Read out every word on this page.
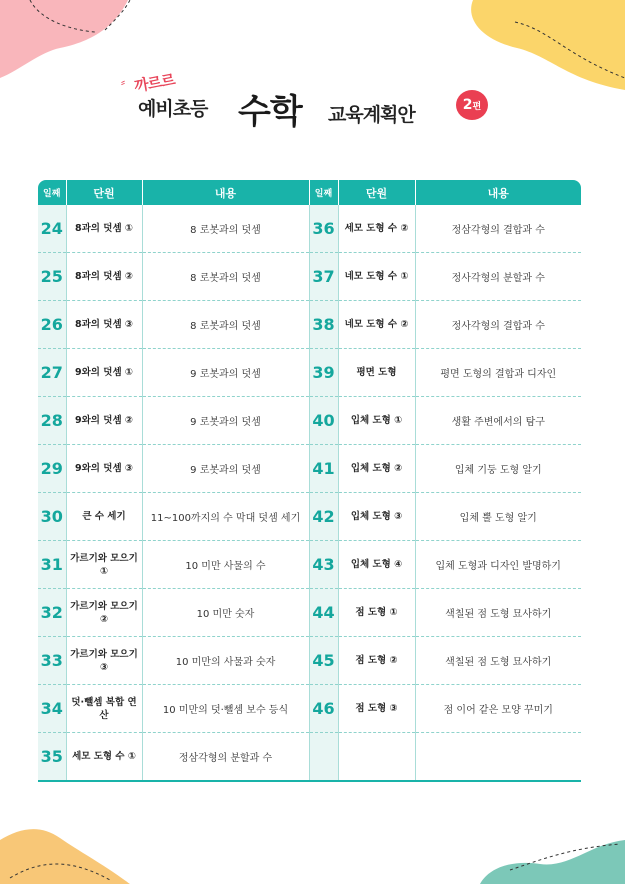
⸗ 까르르
예비초등 수학 교육계획안	2편
일째	단원	내용	일째	단원	내용
24	8과의 덧셈 ①	8 로봇과의 덧셈	36	세모 도형 수 ②	정삼각형의 결합과 수
25	8과의 덧셈 ②	8 로봇과의 덧셈	37	네모 도형 수 ①	정사각형의 분할과 수
26	8과의 덧셈 ③	8 로봇과의 덧셈	38	네모 도형 수 ②	정사각형의 결합과 수
27	9와의 덧셈 ①	9 로봇과의 덧셈	39	평면 도형	평면 도형의 결합과 디자인
28	9와의 덧셈 ②	9 로봇과의 덧셈	40	입체 도형 ①	생활 주변에서의 탐구
29	9와의 덧셈 ③	9 로봇과의 덧셈	41	입체 도형 ②	입체 기둥 도형 알기
30	큰 수 세기	11~100까지의 수 막대 덧셈 세기	42	입체 도형 ③	입체 뿔 도형 알기
31	가르기와 모으기 ①	10 미만 사물의 수	43	입체 도형 ④	입체 도형과 디자인 발명하기
32	가르기와 모으기 ②	10 미만 숫자	44	점 도형 ①	색칠된 점 도형 묘사하기
33	가르기와 모으기 ③	10 미만의 사물과 숫자	45	점 도형 ②	색칠된 점 도형 묘사하기
34	덧·뺄셈 복합 연산	10 미만의 덧·뺄셈 보수 등식	46	점 도형 ③	점 이어 같은 모양 꾸미기
35	세모 도형 수 ①	정삼각형의 분할과 수			
